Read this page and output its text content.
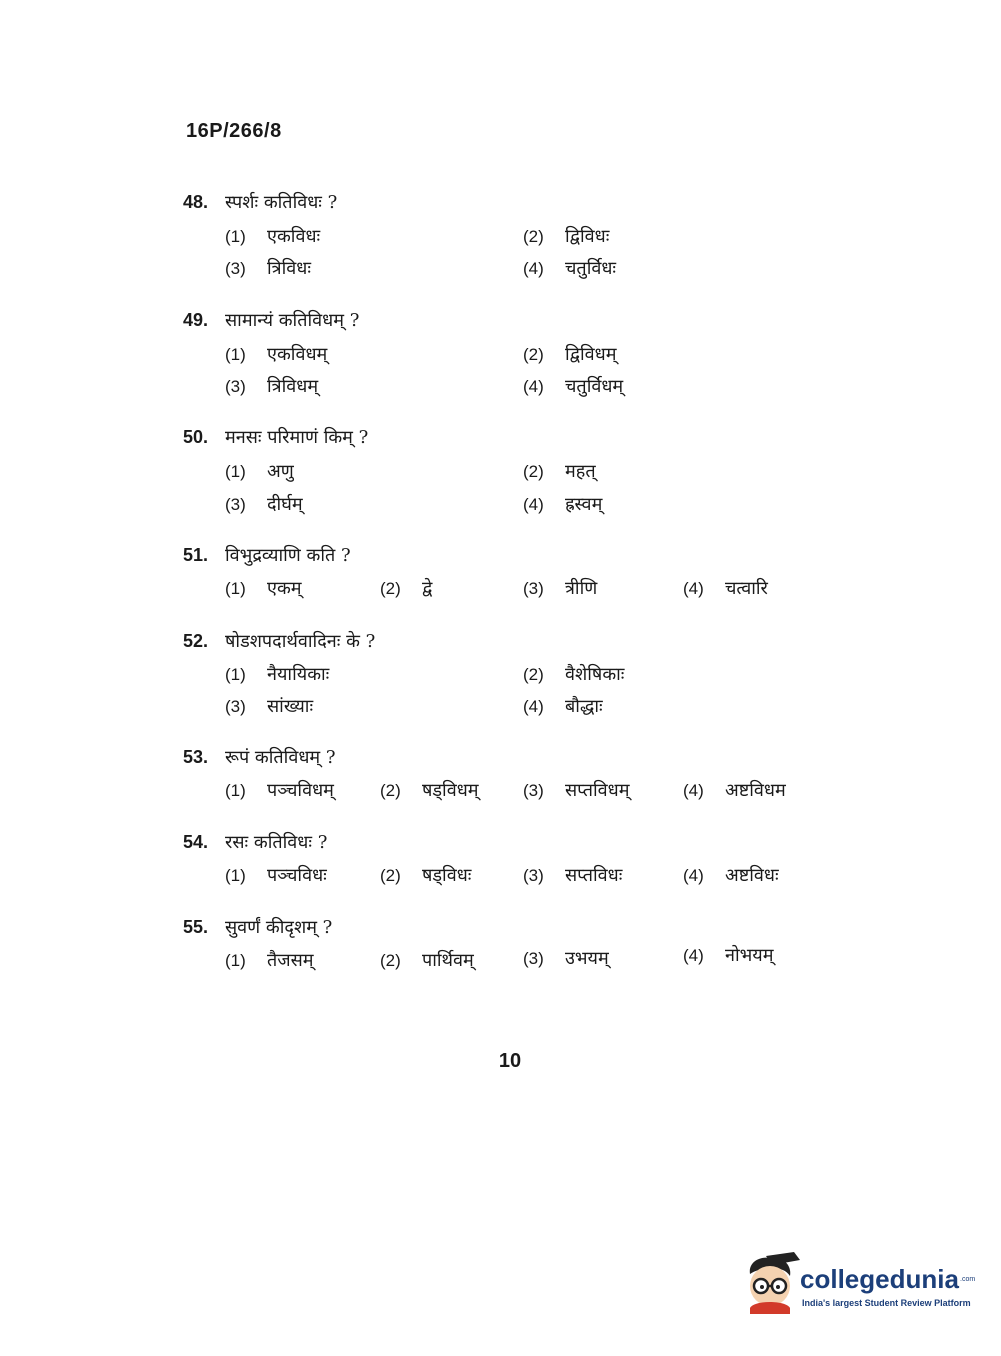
16P/266/8
48. स्पर्शः कतिविधः ?
(1) एकविधः	(2) द्विविधः
(3) त्रिविधः	(4) चतुर्विधः
49. सामान्यं कतिविधम् ?
(1) एकविधम्	(2) द्विविधम्
(3) त्रिविधम्	(4) चतुर्विधम्
50. मनसः परिमाणं किम् ?
(1) अणु	(2) महत्
(3) दीर्घम्	(4) ह्रस्वम्
51. विभुद्रव्याणि कति ?
(1) एकम्	(2) द्वे	(3) त्रीणि	(4) चत्वारि
52. षोडशपदार्थवादिनः के ?
(1) नैयायिकाः	(2) वैशेषिकाः
(3) सांख्याः	(4) बौद्धाः
53. रूपं कतिविधम् ?
(1) पञ्चविधम्	(2) षड्विधम्	(3) सप्तविधम्	(4) अष्टविधम
54. रसः कतिविधः ?
(1) पञ्चविधः	(2) षड्विधः	(3) सप्तविधः	(4) अष्टविधः
55. सुवर्णं कीदृशम् ?
(1) तैजसम्	(2) पार्थिवम्	(3) उभयम्	(4) नोभयम्
10
collegedunia .com
India's largest Student Review Platform
